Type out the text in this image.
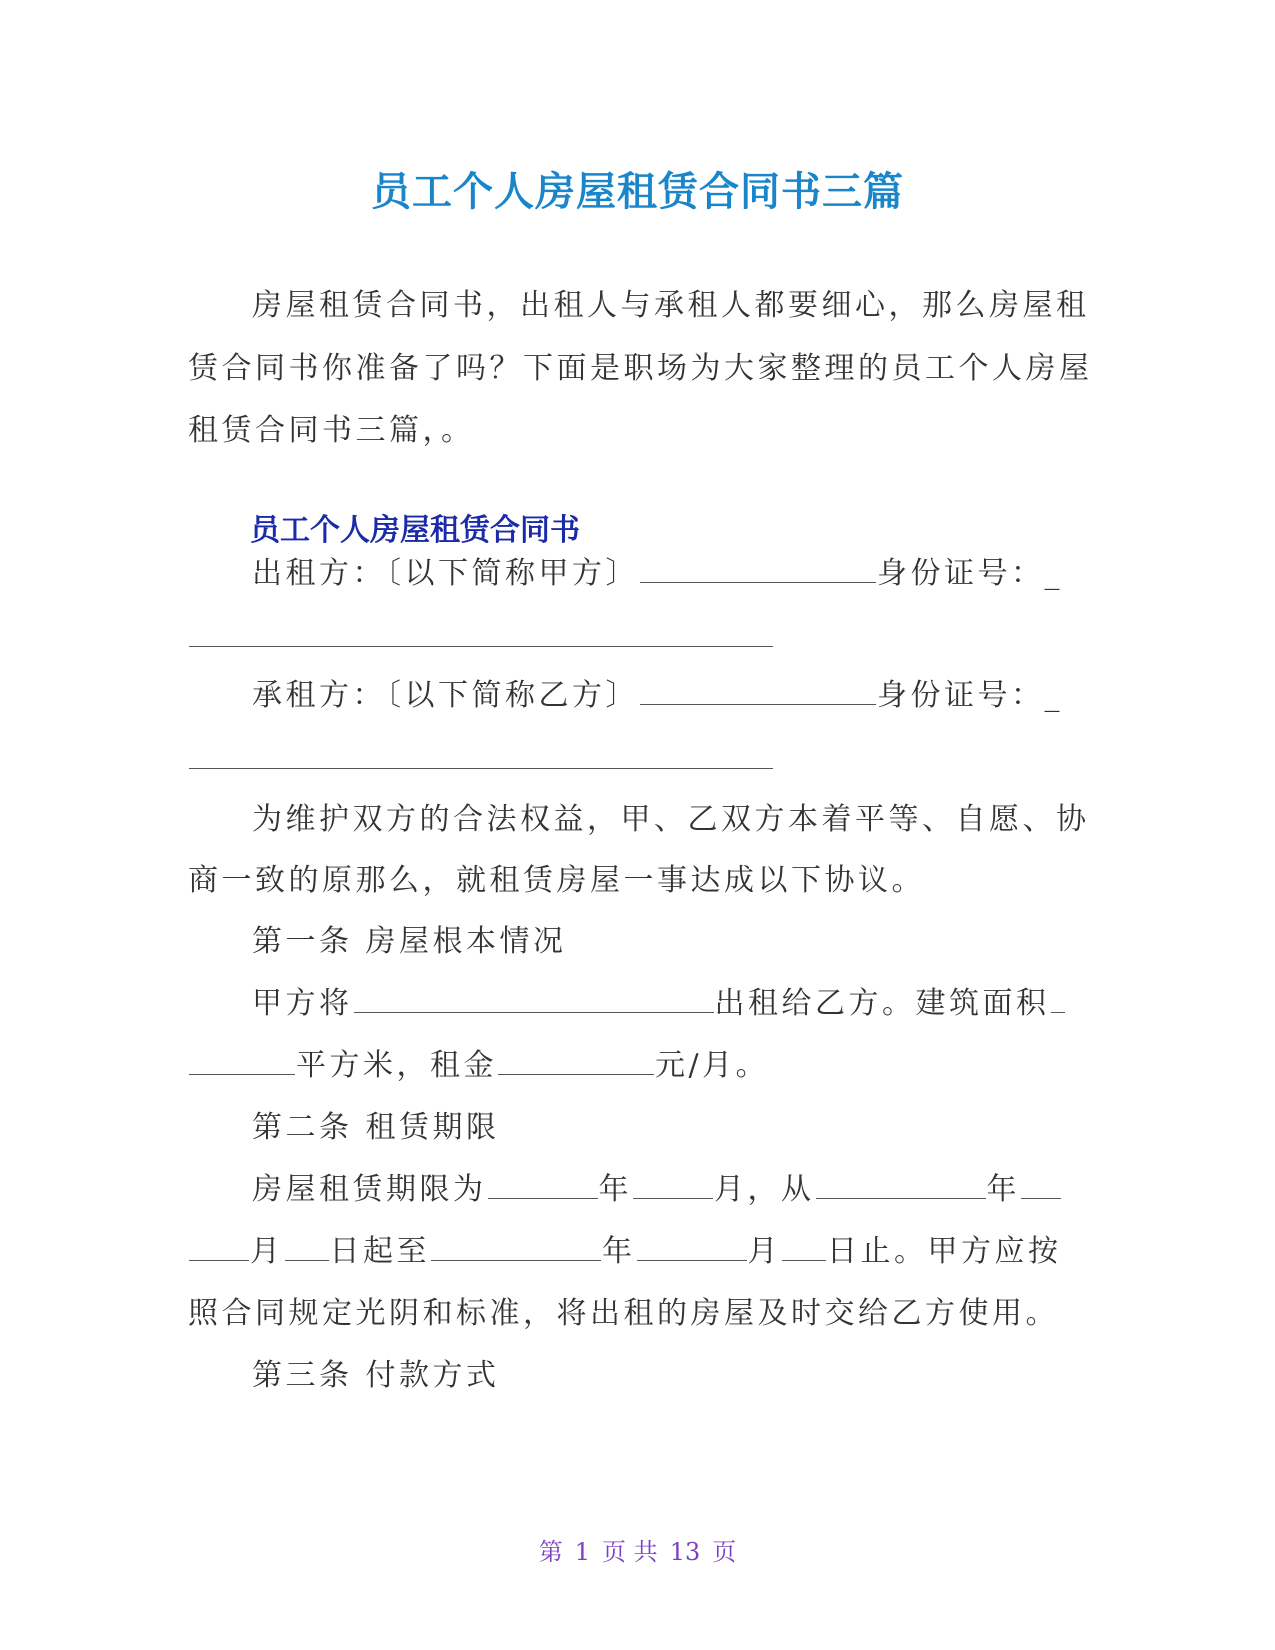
员工个人房屋租赁合同书三篇
房屋租赁合同书，出租人与承租人都要细心，那么房屋租
赁合同书你准备了吗？下面是职场为大家整理的员工个人房屋
租赁合同书三篇，。
员工个人房屋租赁合同书
出租方：〔以下简称甲方〕	身份证号：_
承租方：〔以下简称乙方〕	身份证号：_
为维护双方的合法权益，甲、乙双方本着平等、自愿、协
商一致的原那么，就租赁房屋一事达成以下协议。
第一条 房屋根本情况
甲方将	出租给乙方。建筑面积
平方米，租金	元/月。
第二条 租赁期限
房屋租赁期限为	年	月，从	年
月 日起至	年	月 日止。甲方应按
照合同规定光阴和标准，将出租的房屋及时交给乙方使用。
第三条 付款方式
第 1 页 共 13 页
